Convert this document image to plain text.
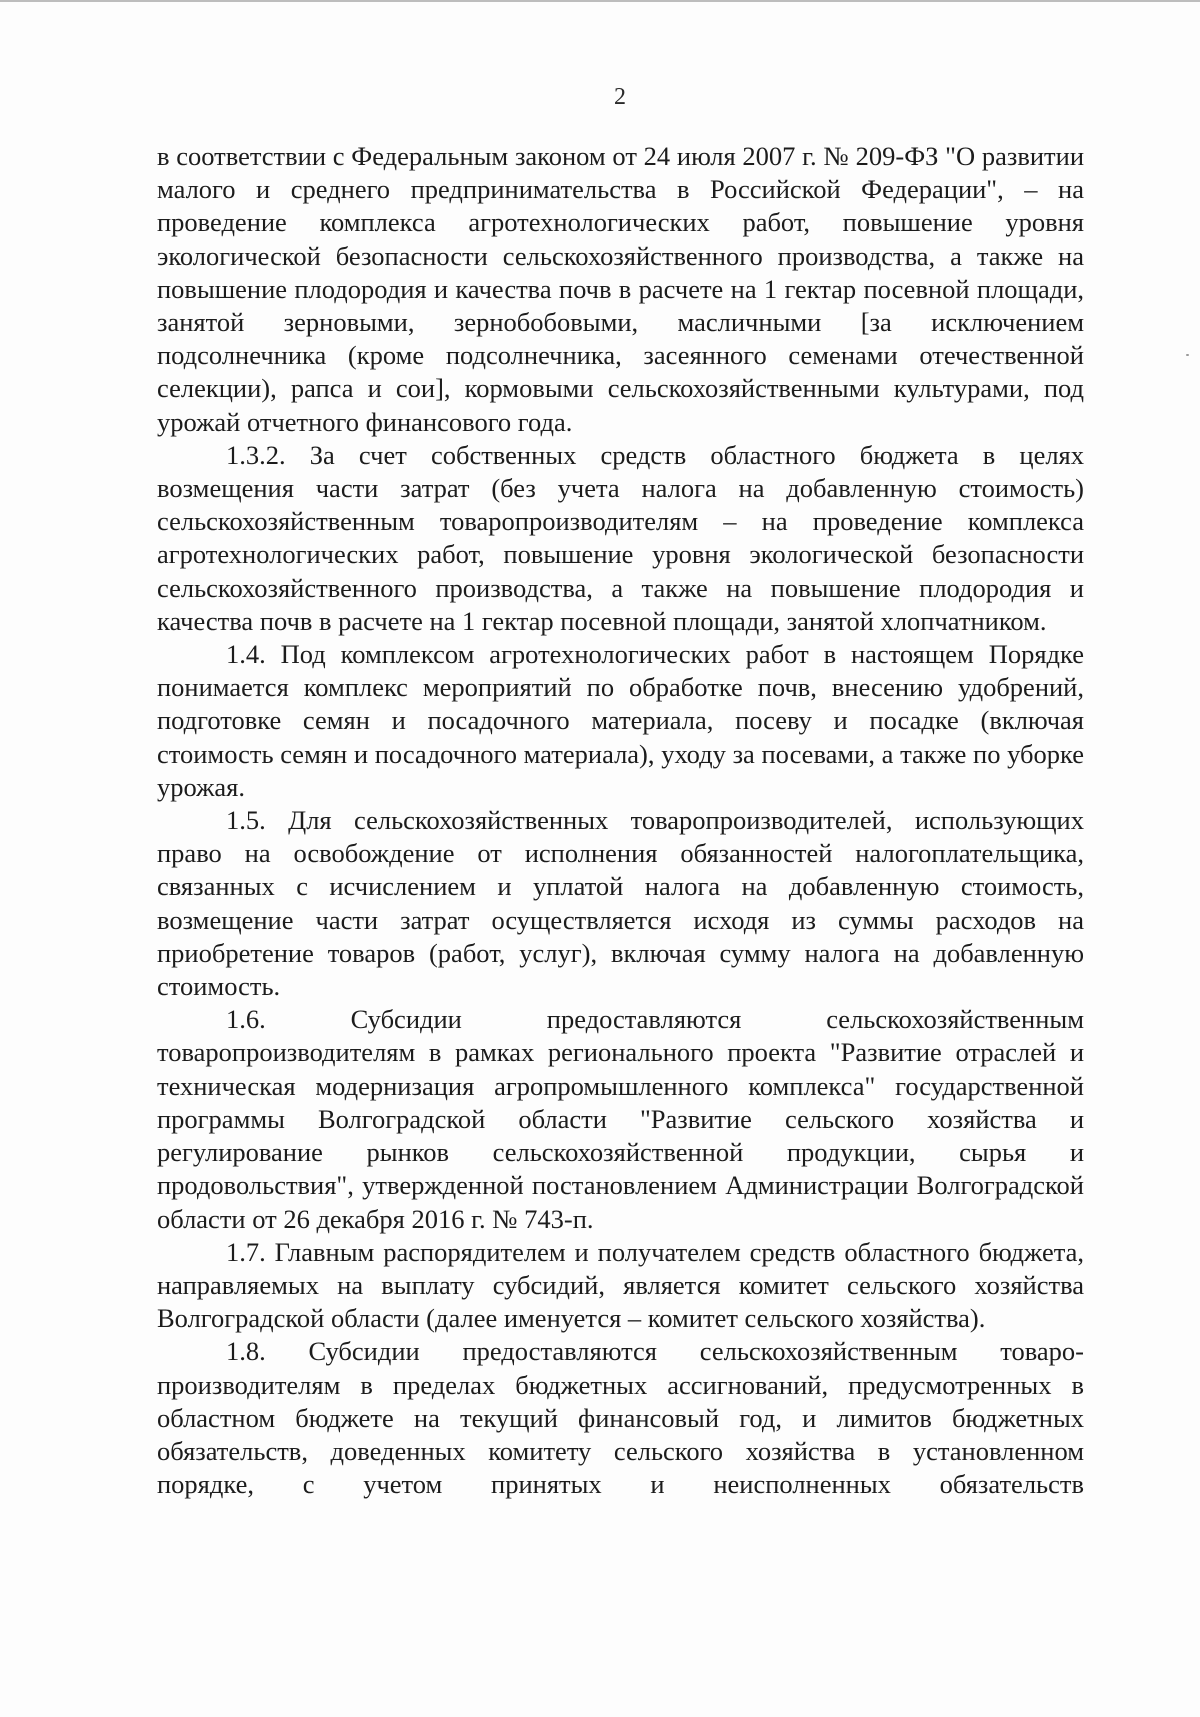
2

в соответствии с Федеральным законом от 24 июля 2007 г. № 209-ФЗ "О развитии малого и среднего предпринимательства в Российской Федерации", – на проведение комплекса агротехнологических работ, повышение уровня экологической безопасности сельскохозяйственного производства, а также на повышение плодородия и качества почв в расчете на 1 гектар посевной площади, занятой зерновыми, зернобобовыми, масличными [за исключением подсолнечника (кроме подсолнечника, засеянного семенами отечественной селекции), рапса и сои], кормовыми сельскохозяйственными культурами, под урожай отчетного финансового года.

1.3.2. За счет собственных средств областного бюджета в целях возмещения части затрат (без учета налога на добавленную стоимость) сельскохозяйственным товаропроизводителям – на проведение комплекса агротехнологических работ, повышение уровня экологической безопасности сельскохозяйственного производства, а также на повышение плодородия и качества почв в расчете на 1 гектар посевной площади, занятой хлопчатником.

1.4. Под комплексом агротехнологических работ в настоящем Порядке понимается комплекс мероприятий по обработке почв, внесению удобрений, подготовке семян и посадочного материала, посеву и посадке (включая стоимость семян и посадочного материала), уходу за посевами, а также по уборке урожая.

1.5. Для сельскохозяйственных товаропроизводителей, использующих право на освобождение от исполнения обязанностей налогоплательщика, связанных с исчислением и уплатой налога на добавленную стоимость, возмещение части затрат осуществляется исходя из суммы расходов на приобретение товаров (работ, услуг), включая сумму налога на добавленную стоимость.

1.6. Субсидии предоставляются сельскохозяйственным товаропроизводителям в рамках регионального проекта "Развитие отраслей и техническая модернизация агропромышленного комплекса" государственной программы Волгоградской области "Развитие сельского хозяйства и регулирование рынков сельскохозяйственной продукции, сырья и продовольствия", утвержденной постановлением Администрации Волгоградской области от 26 декабря 2016 г. № 743-п.

1.7. Главным распорядителем и получателем средств областного бюджета, направляемых на выплату субсидий, является комитет сельского хозяйства Волгоградской области (далее именуется – комитет сельского хозяйства).

1.8. Субсидии предоставляются сельскохозяйственным товаро-производителям в пределах бюджетных ассигнований, предусмотренных в областном бюджете на текущий финансовый год, и лимитов бюджетных обязательств, доведенных комитету сельского хозяйства в установленном порядке, с учетом принятых и неисполненных обязательств
